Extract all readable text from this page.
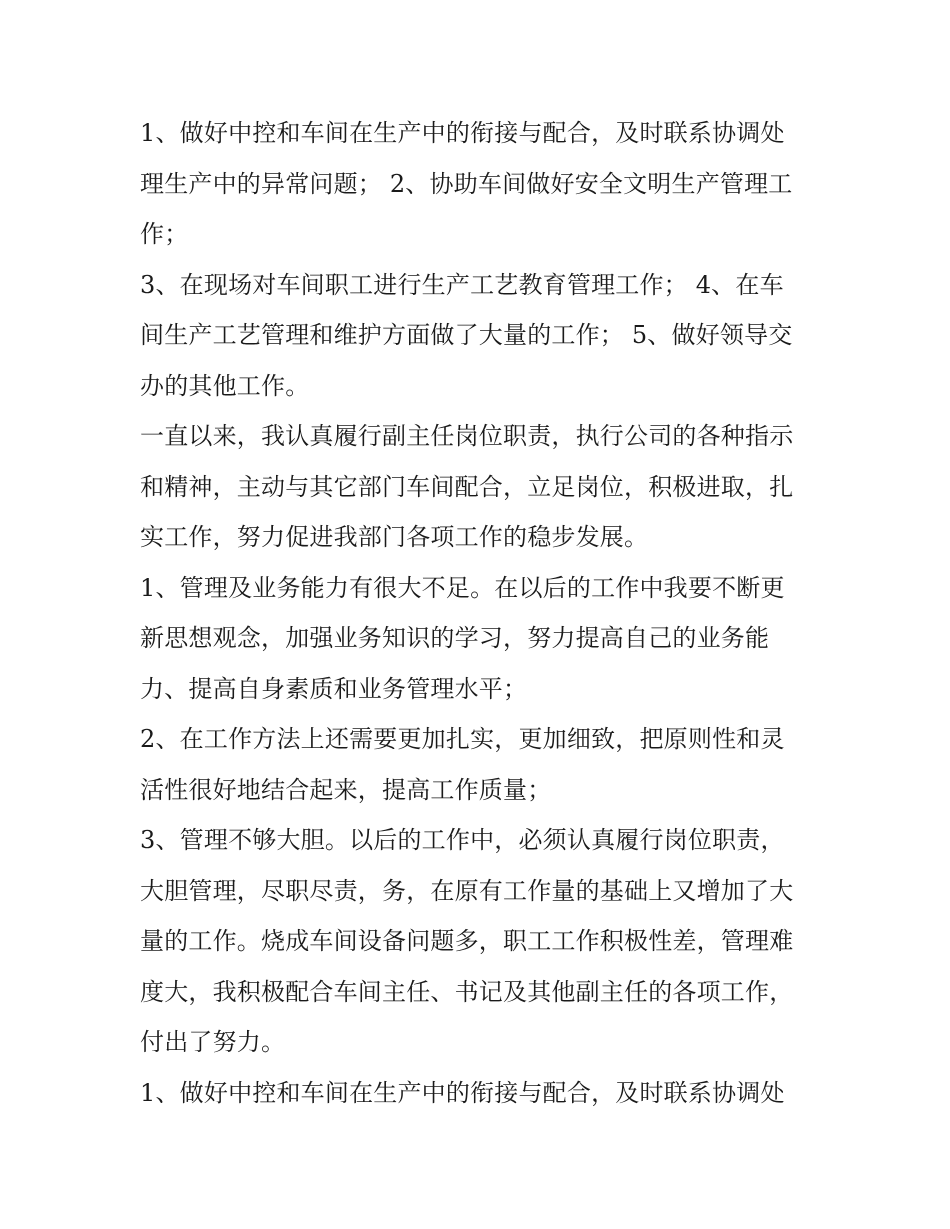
1、做好中控和车间在生产中的衔接与配合，及时联系协调处
理生产中的异常问题； 2、协助车间做好安全文明生产管理工
作；

3、在现场对车间职工进行生产工艺教育管理工作； 4、在车
间生产工艺管理和维护方面做了大量的工作； 5、做好领导交
办的其他工作。

一直以来，我认真履行副主任岗位职责，执行公司的各种指示
和精神，主动与其它部门车间配合，立足岗位，积极进取，扎
实工作，努力促进我部门各项工作的稳步发展。

1、管理及业务能力有很大不足。在以后的工作中我要不断更
新思想观念，加强业务知识的学习，努力提高自己的业务能
力、提高自身素质和业务管理水平；

2、在工作方法上还需要更加扎实，更加细致，把原则性和灵
活性很好地结合起来，提高工作质量；

3、管理不够大胆。以后的工作中，必须认真履行岗位职责，
大胆管理，尽职尽责，务，在原有工作量的基础上又增加了大
量的工作。烧成车间设备问题多，职工工作积极性差，管理难
度大，我积极配合车间主任、书记及其他副主任的各项工作，
付出了努力。

1、做好中控和车间在生产中的衔接与配合，及时联系协调处
